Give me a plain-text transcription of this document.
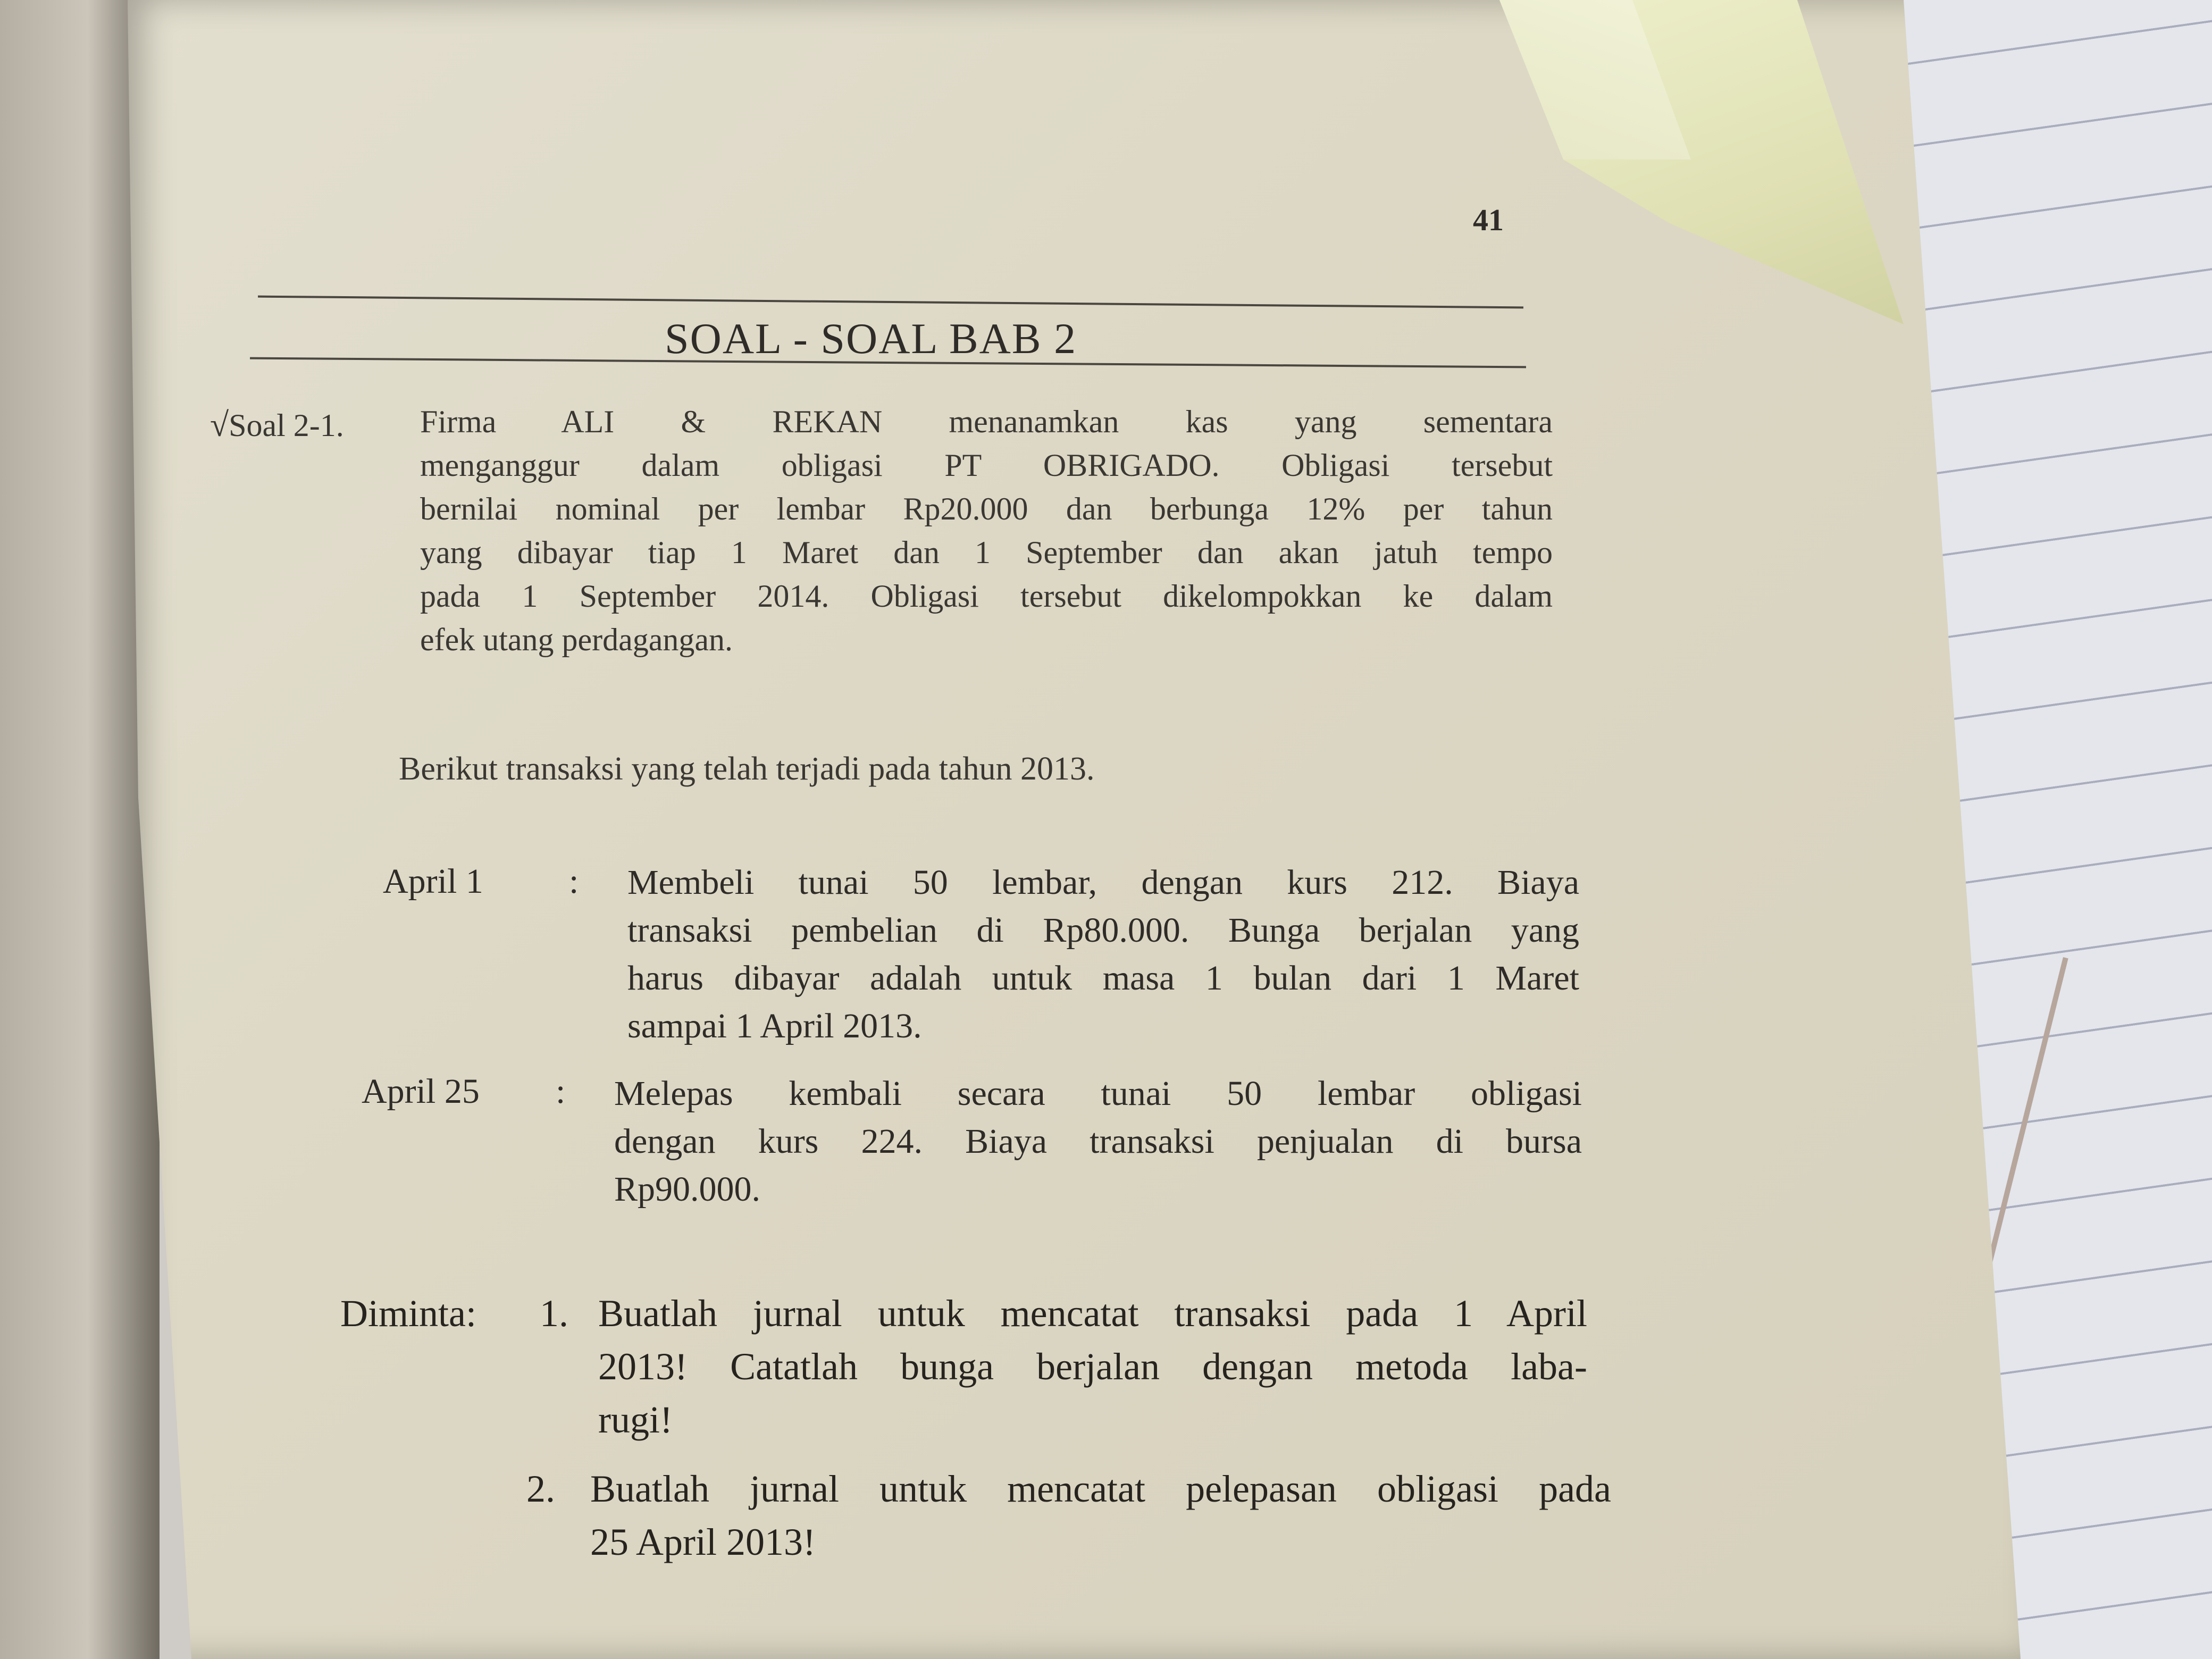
41
SOAL - SOAL BAB 2
√Soal 2-1. Firma ALI & REKAN menanamkan kas yang sementara
menganggur dalam obligasi PT OBRIGADO. Obligasi tersebut
bernilai nominal per lembar Rp20.000 dan berbunga 12% per tahun
yang dibayar tiap 1 Maret dan 1 September dan akan jatuh tempo
pada 1 September 2014. Obligasi tersebut dikelompokkan ke dalam
efek utang perdagangan.
Berikut transaksi yang telah terjadi pada tahun 2013.
April 1 : Membeli tunai 50 lembar, dengan kurs 212. Biaya
transaksi pembelian di Rp80.000. Bunga berjalan yang
harus dibayar adalah untuk masa 1 bulan dari 1 Maret
sampai 1 April 2013.
April 25 : Melepas kembali secara tunai 50 lembar obligasi
dengan kurs 224. Biaya transaksi penjualan di bursa
Rp90.000.
Diminta: 1. Buatlah jurnal untuk mencatat transaksi pada 1 April
2013! Catatlah bunga berjalan dengan metoda laba-
rugi!
2. Buatlah jurnal untuk mencatat pelepasan obligasi pada
25 April 2013!
